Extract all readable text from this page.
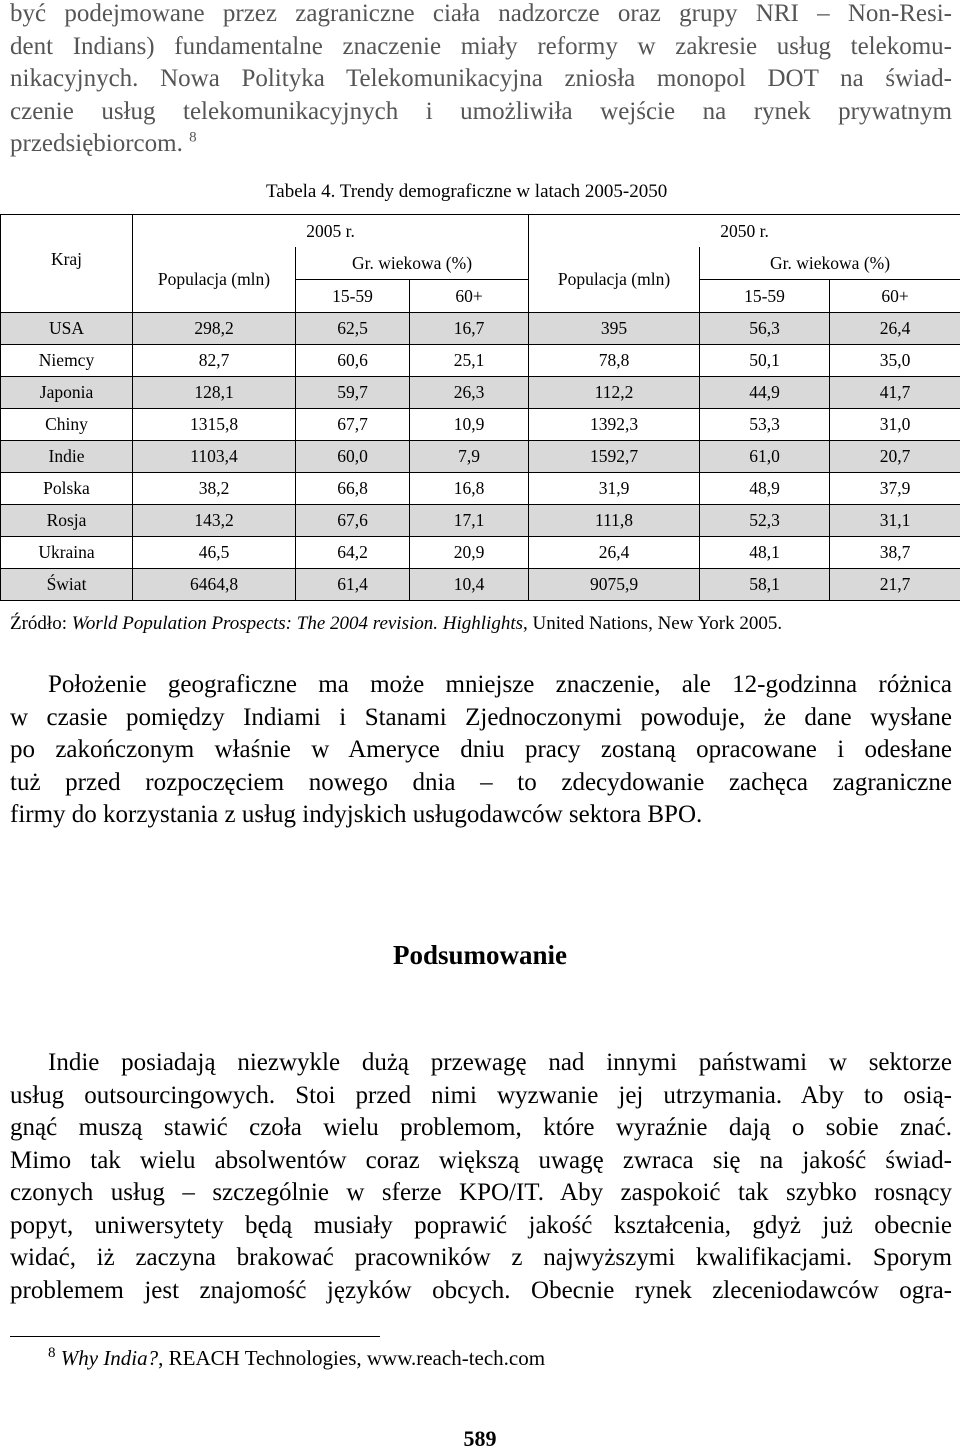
być podejmowane przez zagraniczne ciała nadzorcze oraz grupy NRI – Non-Resi-
dent Indians) fundamentalne znaczenie miały reformy w zakresie usług telekomu-
nikacyjnych. Nowa Polityka Telekomunikacyjna zniosła monopol DOT na świad-
czenie usług telekomunikacyjnych i umożliwiła wejście na rynek prywatnym
przedsiębiorcom. $^8$
Tabela 4. Trendy demograficzne w latach 2005-2050
Kraj	2005 r.			2050 r.		
	Populacja (mln)	Gr. wiekowa (%)		Populacja (mln)	Gr. wiekowa (%)	
		15-59	60+		15-59	60+
USA	298,2	62,5	16,7	395	56,3	26,4
Niemcy	82,7	60,6	25,1	78,8	50,1	35,0
Japonia	128,1	59,7	26,3	112,2	44,9	41,7
Chiny	1315,8	67,7	10,9	1392,3	53,3	31,0
Indie	1103,4	60,0	7,9	1592,7	61,0	20,7
Polska	38,2	66,8	16,8	31,9	48,9	37,9
Rosja	143,2	67,6	17,1	111,8	52,3	31,1
Ukraina	46,5	64,2	20,9	26,4	48,1	38,7
Świat	6464,8	61,4	10,4	9075,9	58,1	21,7
Źródło: World Population Prospects: The 2004 revision. Highlights, United Nations, New York 2005.
Położenie geograficzne ma może mniejsze znaczenie, ale 12-godzinna różnica
w czasie pomiędzy Indiami i Stanami Zjednoczonymi powoduje, że dane wysłane
po zakończonym właśnie w Ameryce dniu pracy zostaną opracowane i odesłane
tuż przed rozpoczęciem nowego dnia – to zdecydowanie zachęca zagraniczne
firmy do korzystania z usług indyjskich usługodawców sektora BPO.
Podsumowanie
Indie posiadają niezwykle dużą przewagę nad innymi państwami w sektorze
usług outsourcingowych. Stoi przed nimi wyzwanie jej utrzymania. Aby to osią-
gnąć muszą stawić czoła wielu problemom, które wyraźnie dają o sobie znać.
Mimo tak wielu absolwentów coraz większą uwagę zwraca się na jakość świad-
czonych usług – szczególnie w sferze KPO/IT. Aby zaspokoić tak szybko rosnący
popyt, uniwersytety będą musiały poprawić jakość kształcenia, gdyż już obecnie
widać, iż zaczyna brakować pracowników z najwyższymi kwalifikacjami. Sporym
problemem jest znajomość języków obcych. Obecnie rynek zleceniodawców ogra-
$^8$ Why India?, REACH Technologies, www.reach-tech.com
589
